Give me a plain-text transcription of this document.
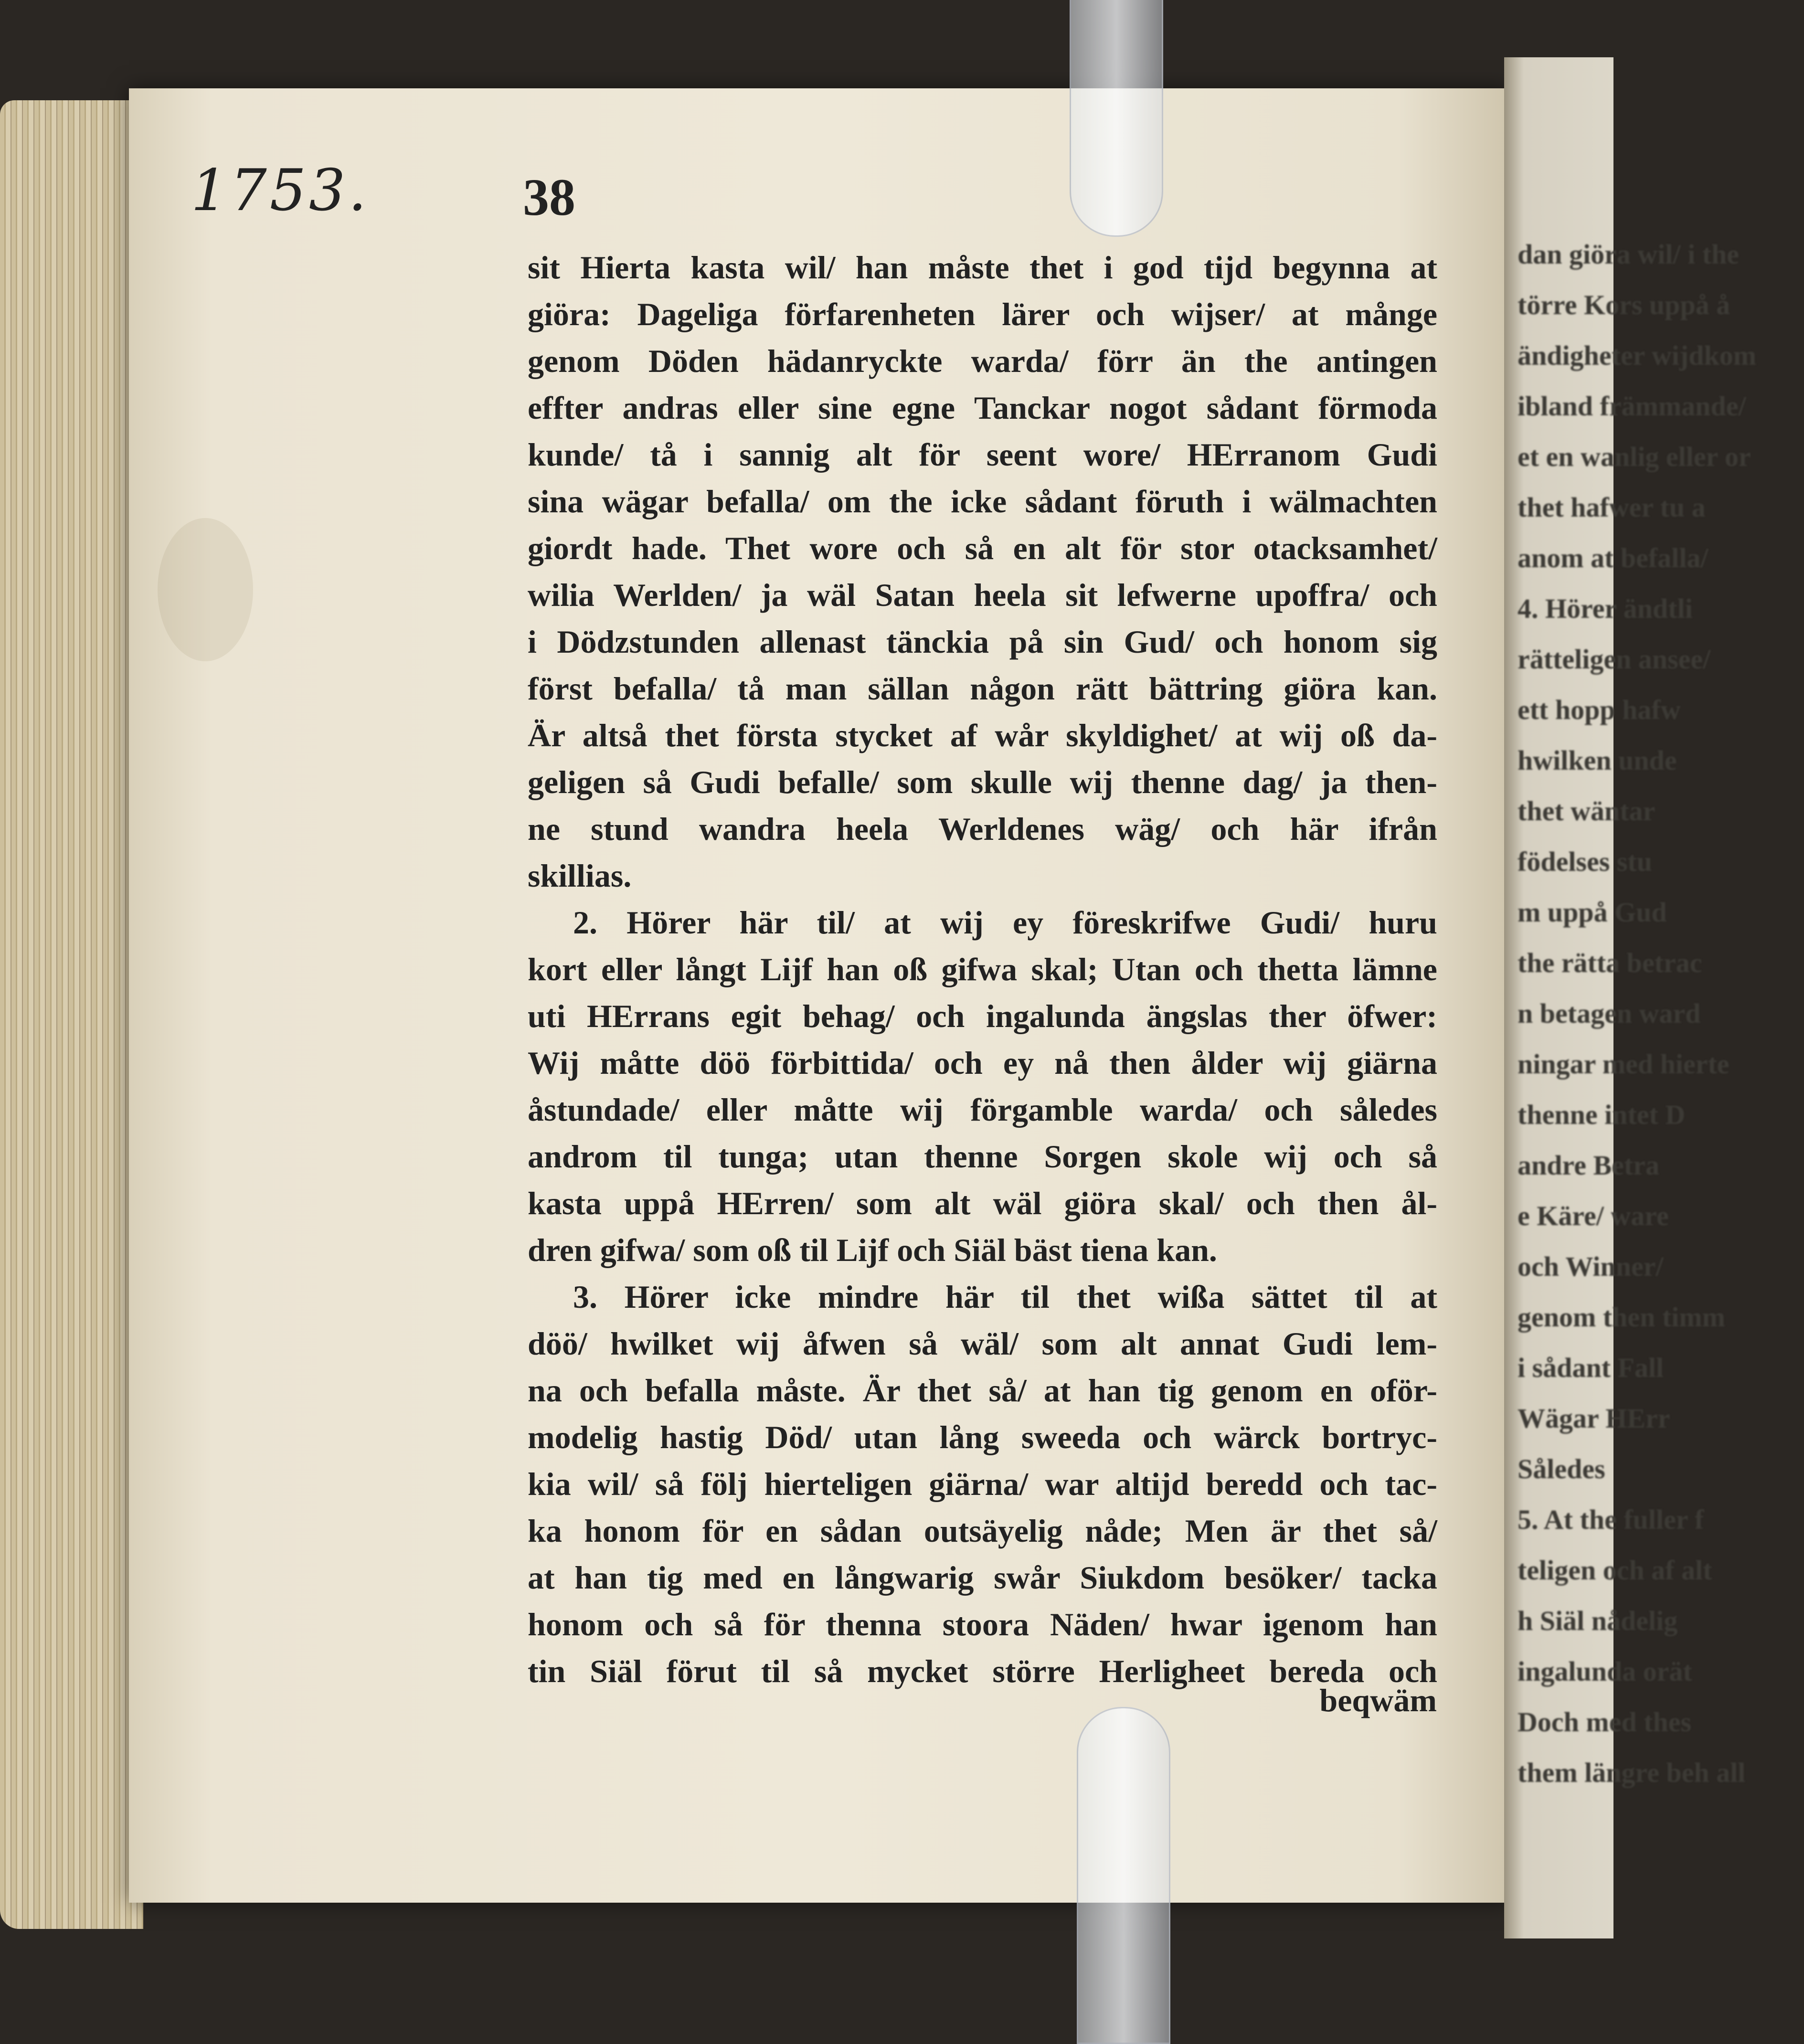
dan giöra wil/ i the
törre Kors uppå å
ändigheter wijdkom
ibland främmande/
et en wanlig eller or
thet hafwer tu a
anom at befalla/
4. Hörer ändtli
rätteligen ansee/
ett hopp hafw
hwilken unde
thet wäntar
födelses stu
m uppå Gud
the rätta betrac
n betagen ward
ningar med hierte
thenne intet D
andre Betra
e Käre/ ware
och Winner/
genom then timm
i sådant Fall
Wägar HErr
Således
5. At the fuller f
teligen och af alt
h Siäl nådelig
ingalunda orät
Doch med thes
them längre beh all
1753.	38
sit Hierta kasta wil/ han måste thet i god tijd begynna at
giöra: Dageliga förfarenheten lärer och wijser/ at månge
genom Döden hädanryckte warda/ förr än the antingen
effter andras eller sine egne Tanckar nogot sådant förmoda
kunde/ tå i sannig alt för seent wore/ HErranom Gudi
sina wägar befalla/ om the icke sådant föruth i wälmachten
giordt hade. Thet wore och så en alt för stor otacksamhet/
wilia Werlden/ ja wäl Satan heela sit lefwerne upoffra/ och
i Dödzstunden allenast tänckia på sin Gud/ och honom sig
först befalla/ tå man sällan någon rätt bättring giöra kan.
Är altså thet första stycket af wår skyldighet/ at wij oß da-
geligen så Gudi befalle/ som skulle wij thenne dag/ ja then-
ne stund wandra heela Werldenes wäg/ och här ifrån
skillias.
2. Hörer här til/ at wij ey föreskrifwe Gudi/ huru
kort eller långt Lijf han oß gifwa skal; Utan och thetta lämne
uti HErrans egit behag/ och ingalunda ängslas ther öfwer:
Wij måtte döö förbittida/ och ey nå then ålder wij giärna
åstundade/ eller måtte wij förgamble warda/ och således
androm til tunga; utan thenne Sorgen skole wij och så
kasta uppå HErren/ som alt wäl giöra skal/ och then ål-
dren gifwa/ som oß til Lijf och Siäl bäst tiena kan.
3. Hörer icke mindre här til thet wißa sättet til at
döö/ hwilket wij åfwen så wäl/ som alt annat Gudi lem-
na och befalla måste. Är thet så/ at han tig genom en oför-
modelig hastig Död/ utan lång sweeda och wärck bortryc-
kia wil/ så följ hierteligen giärna/ war altijd beredd och tac-
ka honom för en sådan outsäyelig nåde; Men är thet så/
at han tig med en långwarig swår Siukdom besöker/ tacka
honom och så för thenna stoora Näden/ hwar igenom han
tin Siäl förut til så mycket större Herligheet bereda och
beqwäm
